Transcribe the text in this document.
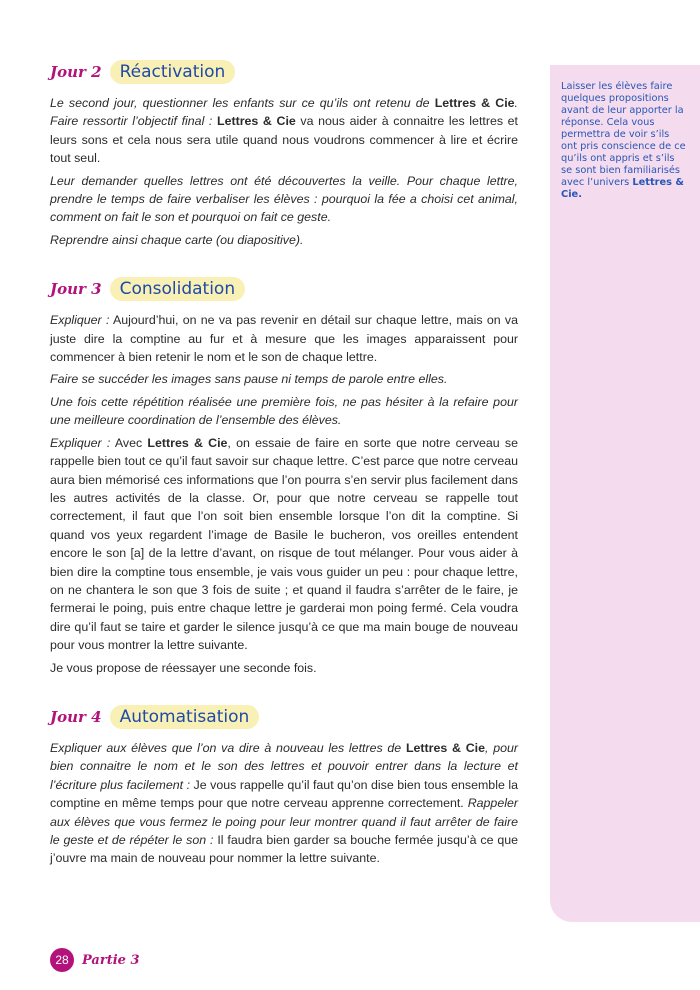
Jour 2	Réactivation

Le second jour, questionner les enfants sur ce qu’ils ont retenu de Lettres & Cie. Faire ressortir l’objectif final : Lettres & Cie va nous aider à connaitre les lettres et leurs sons et cela nous sera utile quand nous voudrons commencer à lire et écrire tout seul.

Leur demander quelles lettres ont été découvertes la veille. Pour chaque lettre, prendre le temps de faire verbaliser les élèves : pourquoi la fée a choisi cet animal, comment on fait le son et pourquoi on fait ce geste.

Reprendre ainsi chaque carte (ou diapositive).

Jour 3	Consolidation

Expliquer : Aujourd’hui, on ne va pas revenir en détail sur chaque lettre, mais on va juste dire la comptine au fur et à mesure que les images apparaissent pour commencer à bien retenir le nom et le son de chaque lettre.

Faire se succéder les images sans pause ni temps de parole entre elles.

Une fois cette répétition réalisée une première fois, ne pas hésiter à la refaire pour une meilleure coordination de l’ensemble des élèves.

Expliquer : Avec Lettres & Cie, on essaie de faire en sorte que notre cerveau se rappelle bien tout ce qu’il faut savoir sur chaque lettre. C’est parce que notre cerveau aura bien mémorisé ces informations que l’on pourra s’en servir plus facilement dans les autres activités de la classe. Or, pour que notre cerveau se rappelle tout correctement, il faut que l’on soit bien ensemble lorsque l’on dit la comptine. Si quand vos yeux regardent l’image de Basile le bucheron, vos oreilles entendent encore le son [a] de la lettre d’avant, on risque de tout mélanger. Pour vous aider à bien dire la comptine tous ensemble, je vais vous guider un peu : pour chaque lettre, on ne chantera le son que 3 fois de suite ; et quand il faudra s’arrêter de le faire, je fermerai le poing, puis entre chaque lettre je garderai mon poing fermé. Cela voudra dire qu’il faut se taire et garder le silence jusqu’à ce que ma main bouge de nouveau pour vous montrer la lettre suivante.

Je vous propose de réessayer une seconde fois.

Jour 4	Automatisation

Expliquer aux élèves que l’on va dire à nouveau les lettres de Lettres & Cie, pour bien connaitre le nom et le son des lettres et pouvoir entrer dans la lecture et l’écriture plus facilement : Je vous rappelle qu’il faut qu’on dise bien tous ensemble la comptine en même temps pour que notre cerveau apprenne correctement. Rappeler aux élèves que vous fermez le poing pour leur montrer quand il faut arrêter de faire le geste et de répéter le son : Il faudra bien garder sa bouche fermée jusqu’à ce que j’ouvre ma main de nouveau pour nommer la lettre suivante.

Laisser les élèves faire quelques propositions avant de leur apporter la réponse. Cela vous permettra de voir s’ils ont pris conscience de ce qu’ils ont appris et s’ils se sont bien familiarisés avec l’univers Lettres & Cie.
28	Partie 3
